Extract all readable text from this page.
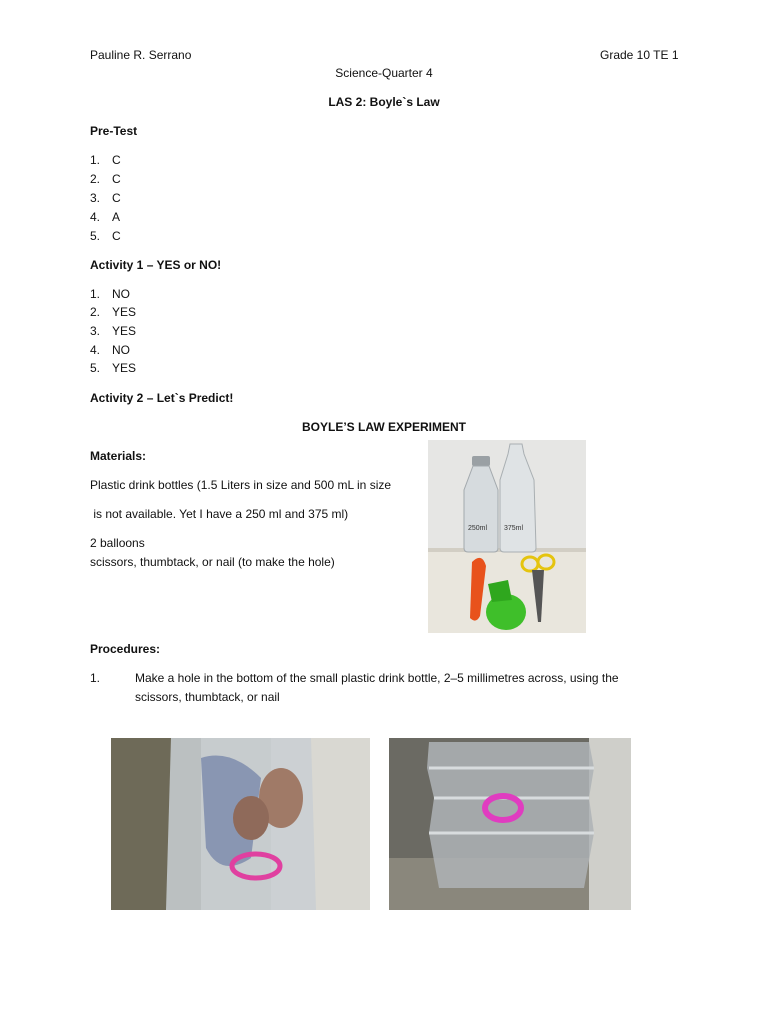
Pauline R. Serrano	Grade 10 TE 1
Science-Quarter 4
LAS 2: Boyle`s Law
Pre-Test
1. C
2. C
3. C
4. A
5. C
Activity 1 – YES or NO!
1. NO
2. YES
3. YES
4. NO
5. YES
Activity 2 – Let`s Predict!
BOYLE’S LAW EXPERIMENT
Materials:
Plastic drink bottles (1.5 Liters in size and 500 mL in size
is not available. Yet I have a 250 ml and 375 ml)
2 balloons
scissors, thumbtack, or nail (to make the hole)
250ml 375ml
Procedures:
1.	Make a hole in the bottom of the small plastic drink bottle, 2–5 millimetres across, using the
scissors, thumbtack, or nail
